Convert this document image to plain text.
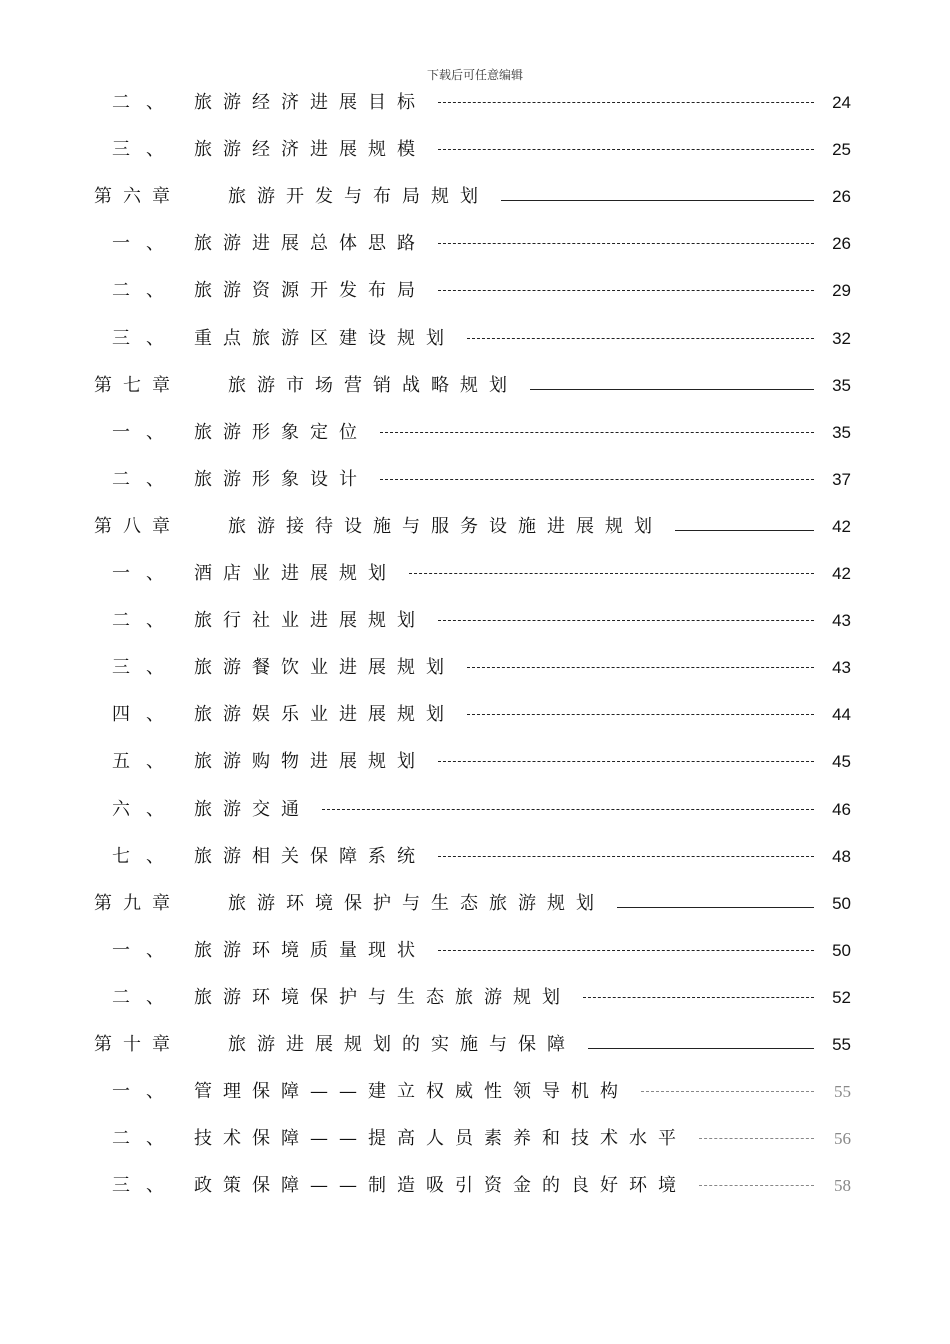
下载后可任意编辑
二、 旅游经济进展目标	24
三、 旅游经济进展规模	25
第六章	旅游开发与布局规划	26
一、 旅游进展总体思路	26
二、 旅游资源开发布局	29
三、 重点旅游区建设规划	32
第七章	旅游市场营销战略规划	35
一、 旅游形象定位	35
二、 旅游形象设计	37
第八章	旅游接待设施与服务设施进展规划	42
一、 酒店业进展规划	42
二、 旅行社业进展规划	43
三、 旅游餐饮业进展规划	43
四、 旅游娱乐业进展规划	44
五、 旅游购物进展规划	45
六、 旅游交通	46
七、 旅游相关保障系统	48
第九章	旅游环境保护与生态旅游规划	50
一、 旅游环境质量现状	50
二、 旅游环境保护与生态旅游规划	52
第十章	旅游进展规划的实施与保障	55
一、 管理保障——建立权威性领导机构	55
二、 技术保障——提高人员素养和技术水平	56
三、 政策保障——制造吸引资金的良好环境	58
